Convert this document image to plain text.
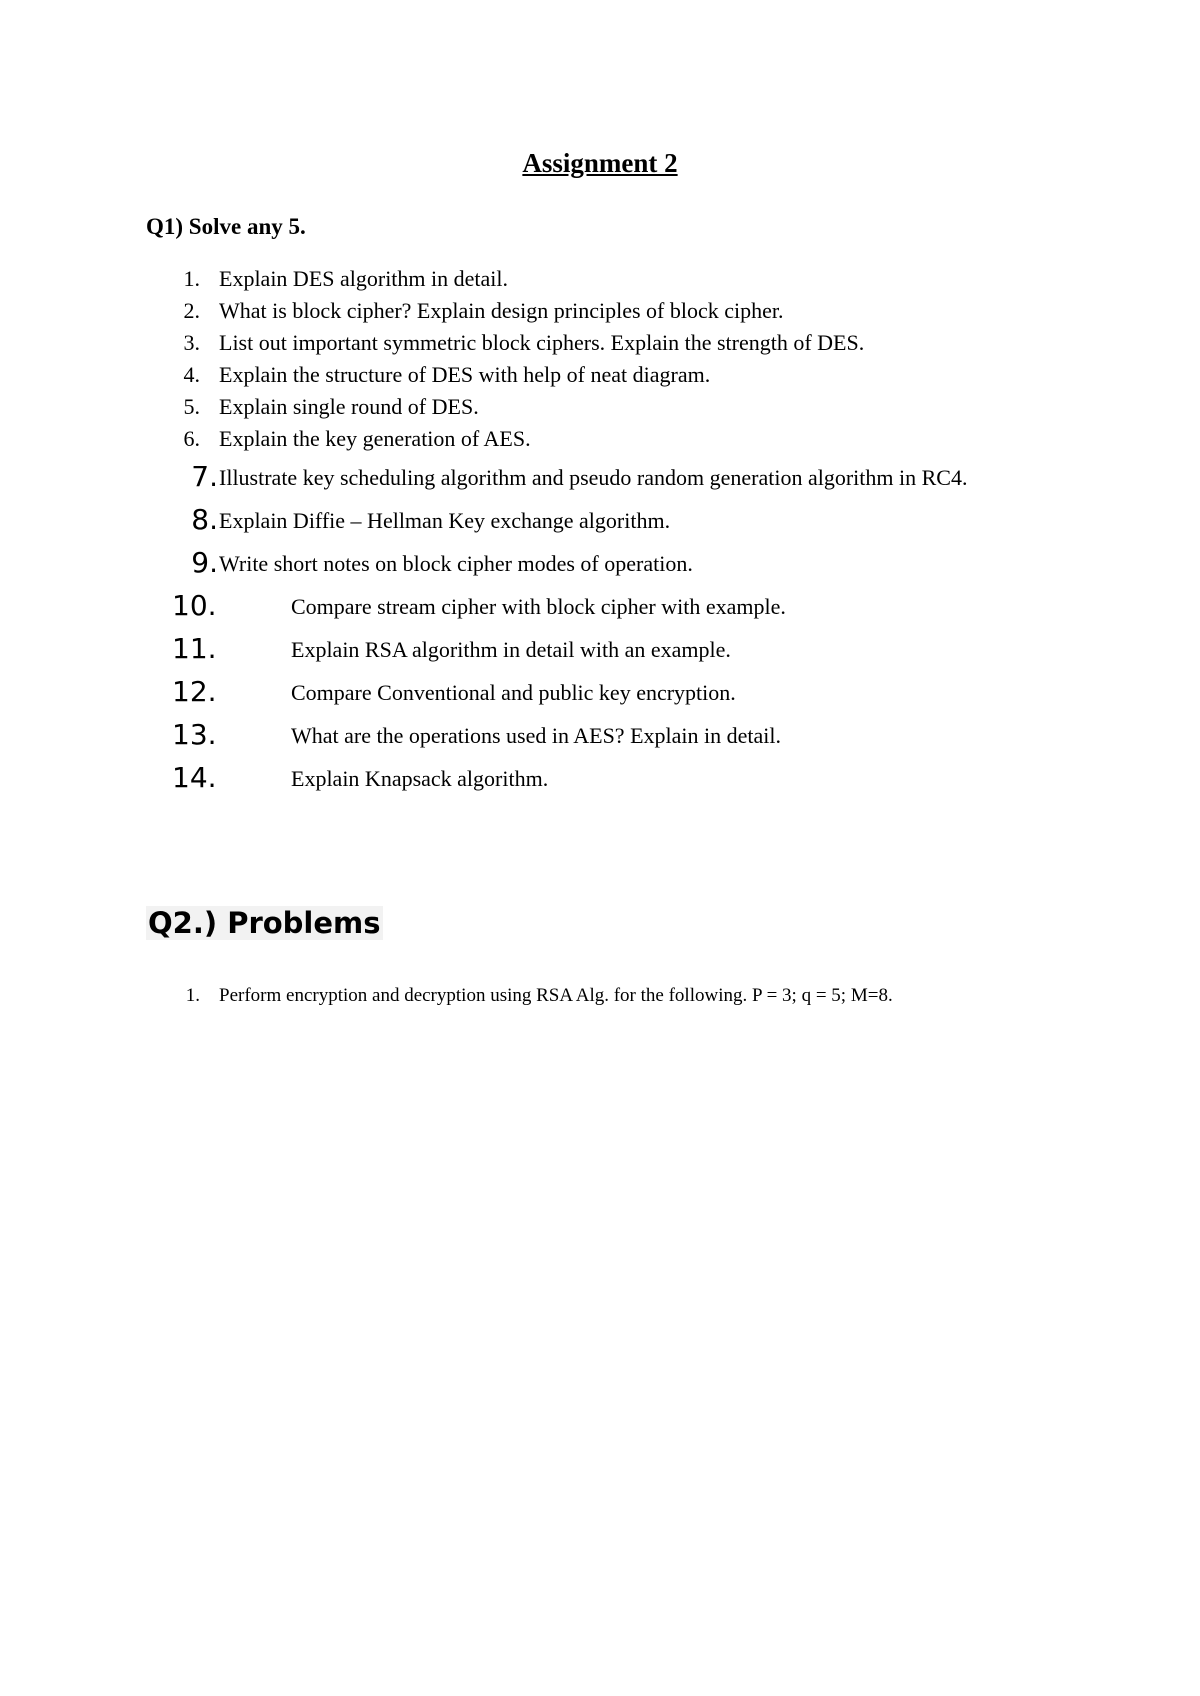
Assignment 2
Q1) Solve any 5.
1. Explain DES algorithm in detail.
2. What is block cipher? Explain design principles of block cipher.
3. List out important symmetric block ciphers. Explain the strength of DES.
4. Explain the structure of DES with help of neat diagram.
5. Explain single round of DES.
6. Explain the key generation of AES.
7. Illustrate key scheduling algorithm and pseudo random generation algorithm in RC4.
8. Explain Diffie – Hellman Key exchange algorithm.
9. Write short notes on block cipher modes of operation.
10.	Compare stream cipher with block cipher with example.
11.	Explain RSA algorithm in detail with an example.
12.	Compare Conventional and public key encryption.
13.	What are the operations used in AES? Explain in detail.
14.	Explain Knapsack algorithm.
Q2.) Problems
1. Perform encryption and decryption using RSA Alg. for the following. P = 3; q = 5; M=8.
